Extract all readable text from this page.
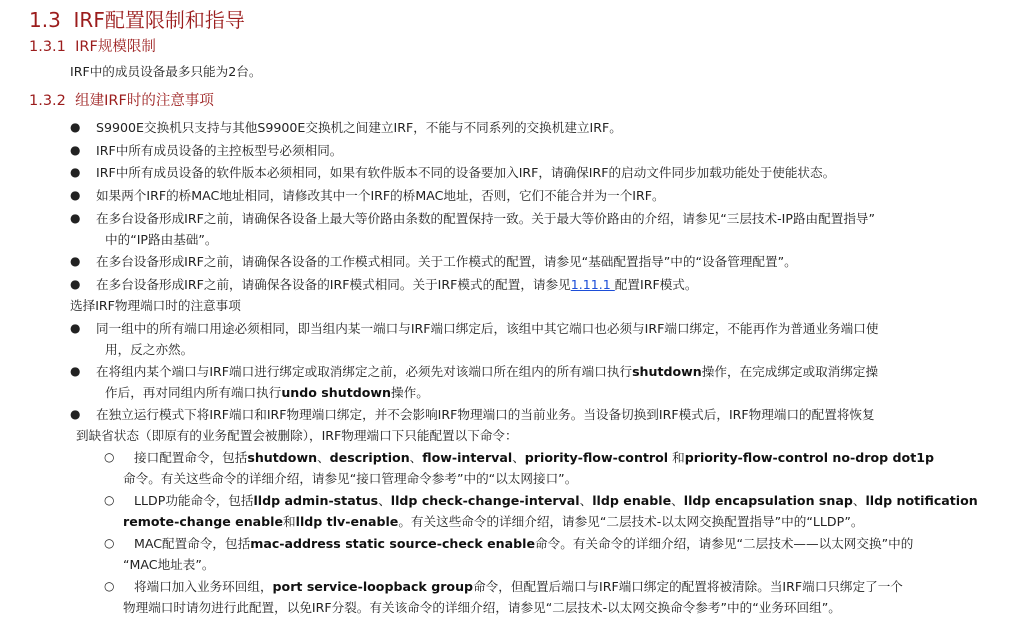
1.3 IRF配置限制和指导
1.3.1 IRF规模限制
IRF中的成员设备最多只能为2台。
1.3.2 组建IRF时的注意事项
● S9900E交换机只支持与其他S9900E交换机之间建立IRF，不能与不同系列的交换机建立IRF。
● IRF中所有成员设备的主控板型号必须相同。
● IRF中所有成员设备的软件版本必须相同，如果有软件版本不同的设备要加入IRF，请确保IRF的启动文件同步加载功能处于使能状态。
● 如果两个IRF的桥MAC地址相同，请修改其中一个IRF的桥MAC地址，否则，它们不能合并为一个IRF。
● 在多台设备形成IRF之前，请确保各设备上最大等价路由条数的配置保持一致。关于最大等价路由的介绍，请参见“三层技术-IP路由配置指导”
中的“IP路由基础”。
● 在多台设备形成IRF之前，请确保各设备的工作模式相同。关于工作模式的配置，请参见“基础配置指导”中的“设备管理配置”。
● 在多台设备形成IRF之前，请确保各设备的IRF模式相同。关于IRF模式的配置，请参见1.11.1 配置IRF模式。
选择IRF物理端口时的注意事项
● 同一组中的所有端口用途必须相同，即当组内某一端口与IRF端口绑定后，该组中其它端口也必须与IRF端口绑定，不能再作为普通业务端口使
用，反之亦然。
● 在将组内某个端口与IRF端口进行绑定或取消绑定之前，必须先对该端口所在组内的所有端口执行shutdown操作，在完成绑定或取消绑定操
作后，再对同组内所有端口执行undo shutdown操作。
● 在独立运行模式下将IRF端口和IRF物理端口绑定，并不会影响IRF物理端口的当前业务。当设备切换到IRF模式后，IRF物理端口的配置将恢复
到缺省状态（即原有的业务配置会被删除），IRF物理端口下只能配置以下命令：
○ 接口配置命令，包括shutdown、description、flow-interval、priority-flow-control 和priority-flow-control no-drop dot1p
命令。有关这些命令的详细介绍，请参见“接口管理命令参考”中的“以太网接口”。
○ LLDP功能命令，包括lldp admin-status、lldp check-change-interval、lldp enable、lldp encapsulation snap、lldp notification
remote-change enable和lldp tlv-enable。有关这些命令的详细介绍，请参见“二层技术-以太网交换配置指导”中的“LLDP”。
○ MAC配置命令，包括mac-address static source-check enable命令。有关命令的详细介绍，请参见“二层技术——以太网交换”中的
“MAC地址表”。
○ 将端口加入业务环回组，port service-loopback group命令，但配置后端口与IRF端口绑定的配置将被清除。当IRF端口只绑定了一个
物理端口时请勿进行此配置，以免IRF分裂。有关该命令的详细介绍，请参见“二层技术-以太网交换命令参考”中的“业务环回组”。
